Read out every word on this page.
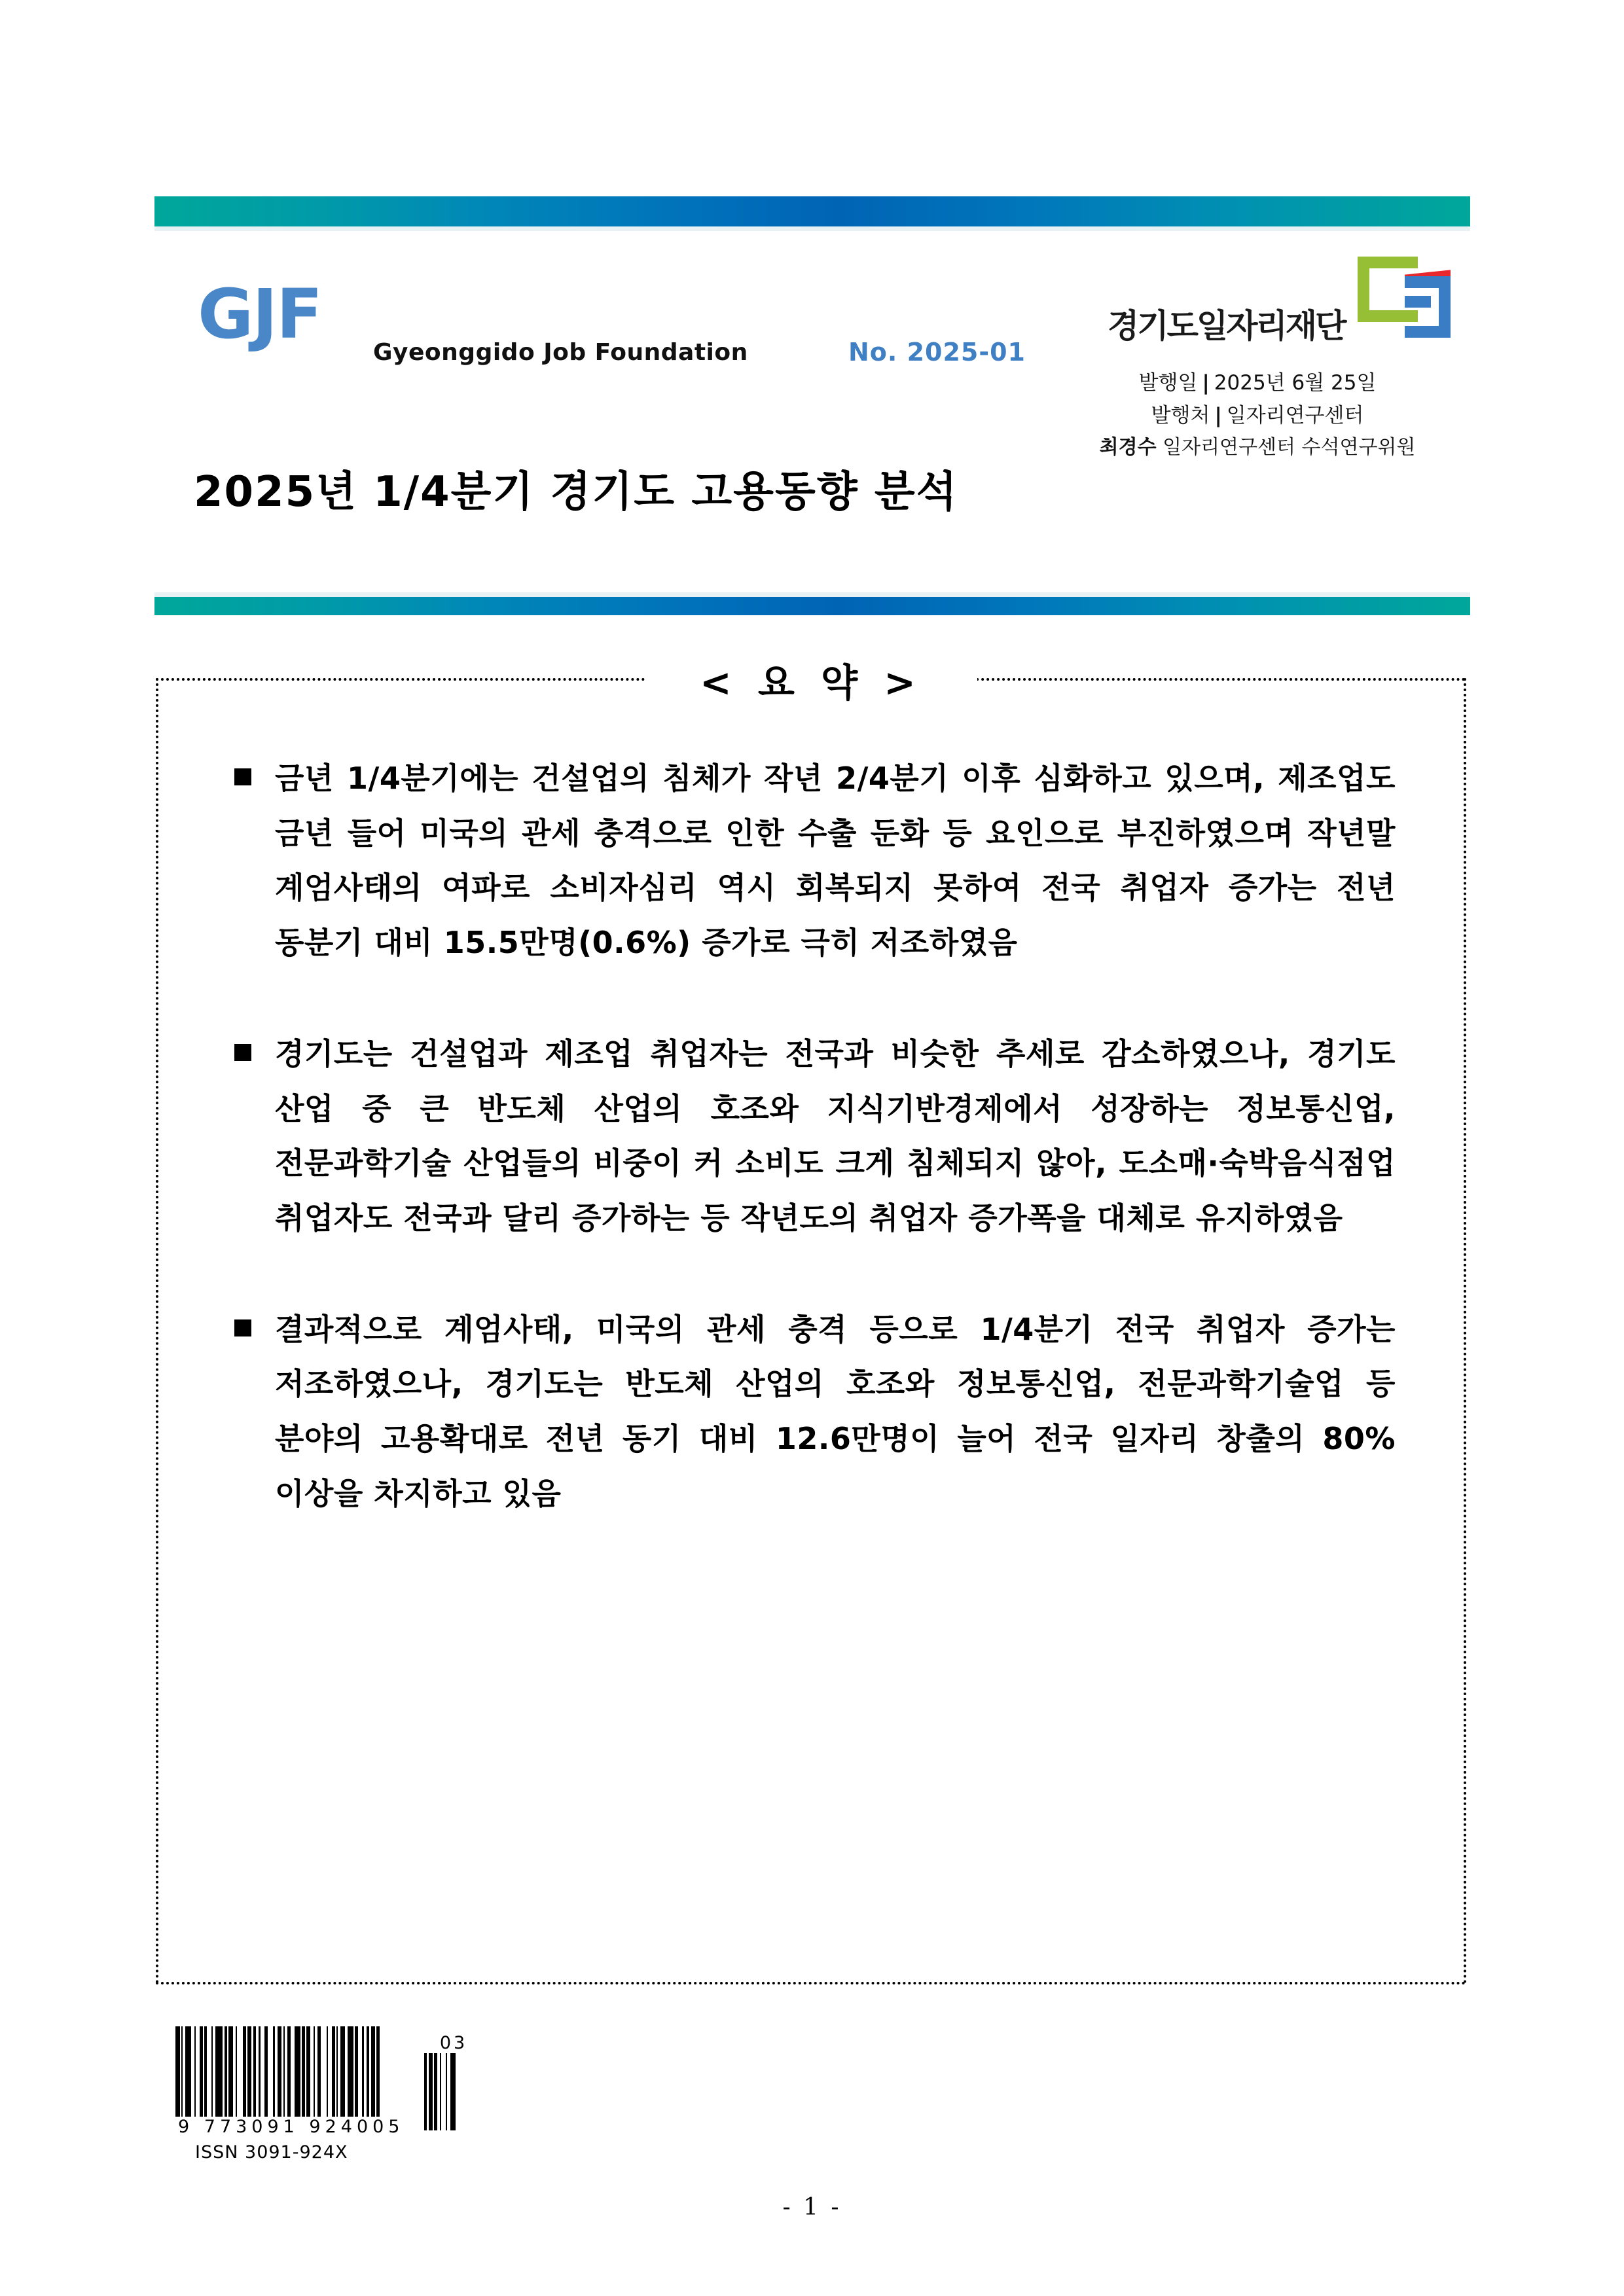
GJF Gyeonggido Job Foundation	No. 2025-01
2025년 1/4분기 경기도 고용동향 분석
경기도일자리재단
발행일 | 2025년 6월 25일
발행처 | 일자리연구센터
최경수 일자리연구센터 수석연구위원
금년 1/4분기에는 건설업의 침체가 작년 2/4분기 이후 심화하고 있으며, 제조업도 금년 들어 미국의 관세 충격으로 인한 수출 둔화 등 요인으로 부진하였으며 작년말 계엄사태의 여파로 소비자심리 역시 회복되지 못하여 전국 취업자 증가는 전년 동분기 대비 15.5만명(0.6%) 증가로 극히 저조하였음
경기도는 건설업과 제조업 취업자는 전국과 비슷한 추세로 감소하였으나, 경기도 산업 중 큰 반도체 산업의 호조와 지식기반경제에서 성장하는 정보통신업, 전문과학기술 산업들의 비중이 커 소비도 크게 침체되지 않아, 도소매·숙박음식점업 취업자도 전국과 달리 증가하는 등 작년도의 취업자 증가폭을 대체로 유지하였음
결과적으로 계엄사태, 미국의 관세 충격 등으로 1/4분기 전국 취업자 증가는 저조하였으나, 경기도는 반도체 산업의 호조와 정보통신업, 전문과학기술업 등 분야의 고용확대로 전년 동기 대비 12.6만명이 늘어 전국 일자리 창출의 80% 이상을 차지하고 있음
< 요 약 >
9 773091 924005
ISSN 3091-924X
03
- 1 -
